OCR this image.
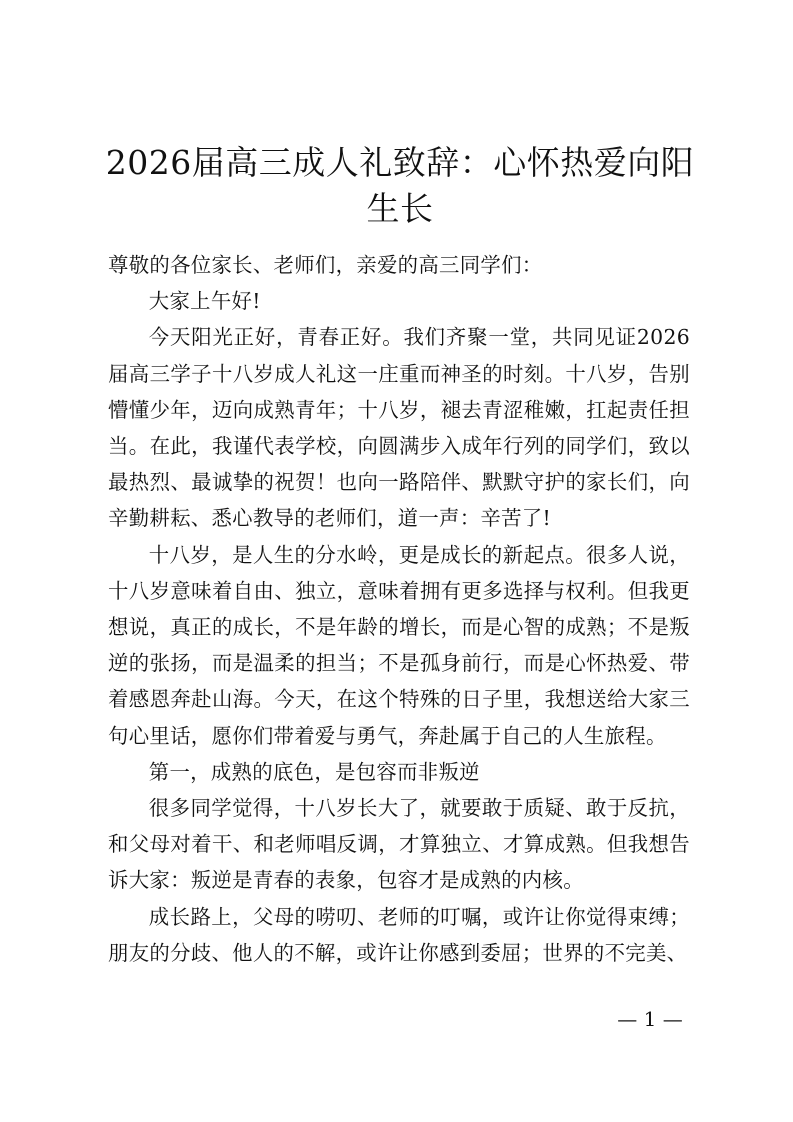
2026届高三成人礼致辞：心怀热爱向阳生长

尊敬的各位家长、老师们，亲爱的高三同学们：

大家上午好!

今天阳光正好，青春正好。我们齐聚一堂，共同见证2026届高三学子十八岁成人礼这一庄重而神圣的时刻。十八岁，告别懵懂少年，迈向成熟青年；十八岁，褪去青涩稚嫩，扛起责任担当。在此，我谨代表学校，向圆满步入成年行列的同学们，致以最热烈、最诚挚的祝贺！也向一路陪伴、默默守护的家长们，向辛勤耕耘、悉心教导的老师们，道一声：辛苦了!

十八岁，是人生的分水岭，更是成长的新起点。很多人说，十八岁意味着自由、独立，意味着拥有更多选择与权利。但我更想说，真正的成长，不是年龄的增长，而是心智的成熟；不是叛逆的张扬，而是温柔的担当；不是孤身前行，而是心怀热爱、带着感恩奔赴山海。今天，在这个特殊的日子里，我想送给大家三句心里话，愿你们带着爱与勇气，奔赴属于自己的人生旅程。

第一，成熟的底色，是包容而非叛逆

很多同学觉得，十八岁长大了，就要敢于质疑、敢于反抗，和父母对着干、和老师唱反调，才算独立、才算成熟。但我想告诉大家：叛逆是青春的表象，包容才是成熟的内核。

成长路上，父母的唠叨、老师的叮嘱，或许让你觉得束缚；朋友的分歧、他人的不解，或许让你感到委屈；世界的不完美、

— 1 —
